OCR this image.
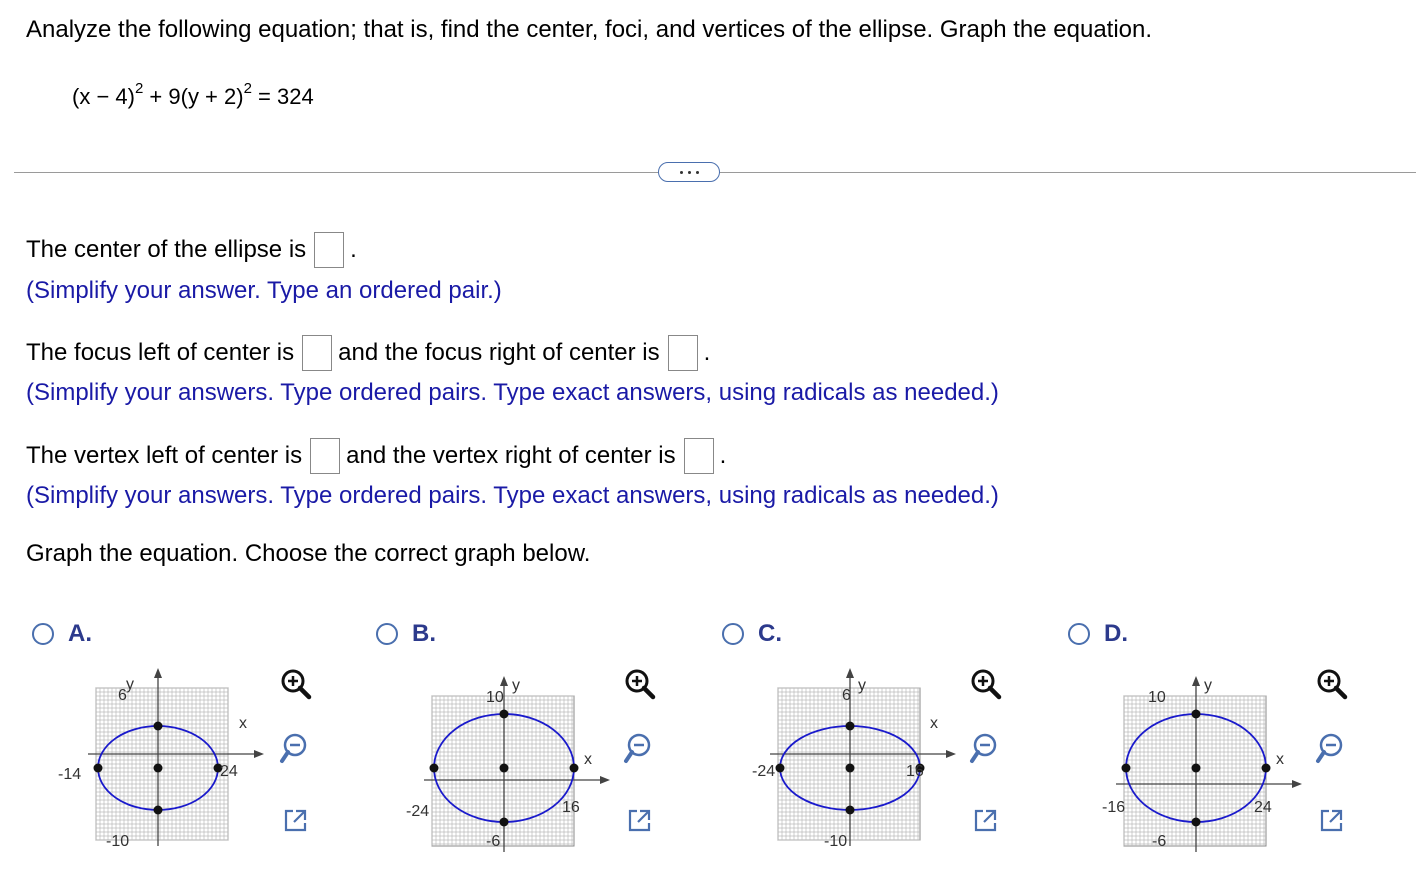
Analyze the following equation; that is, find the center, foci, and vertices of the ellipse. Graph the equation.
$(x - 4)^2 + 9(y + 2)^2 = 324$
The center of the ellipse is .
(Simplify your answer. Type an ordered pair.)
The focus left of center is and the focus right of center is .
(Simplify your answers. Type ordered pairs. Type exact answers, using radicals as needed.)
The vertex left of center is and the vertex right of center is .
(Simplify your answers. Type ordered pairs. Type exact answers, using radicals as needed.)
Graph the equation. Choose the correct graph below.
A.	B.	C.	D.
y
x
-14	24
6
-10
y
x
-24	16
10
-6
y
x
-24	16
6
-10
y
x
-16	24
10
-6
